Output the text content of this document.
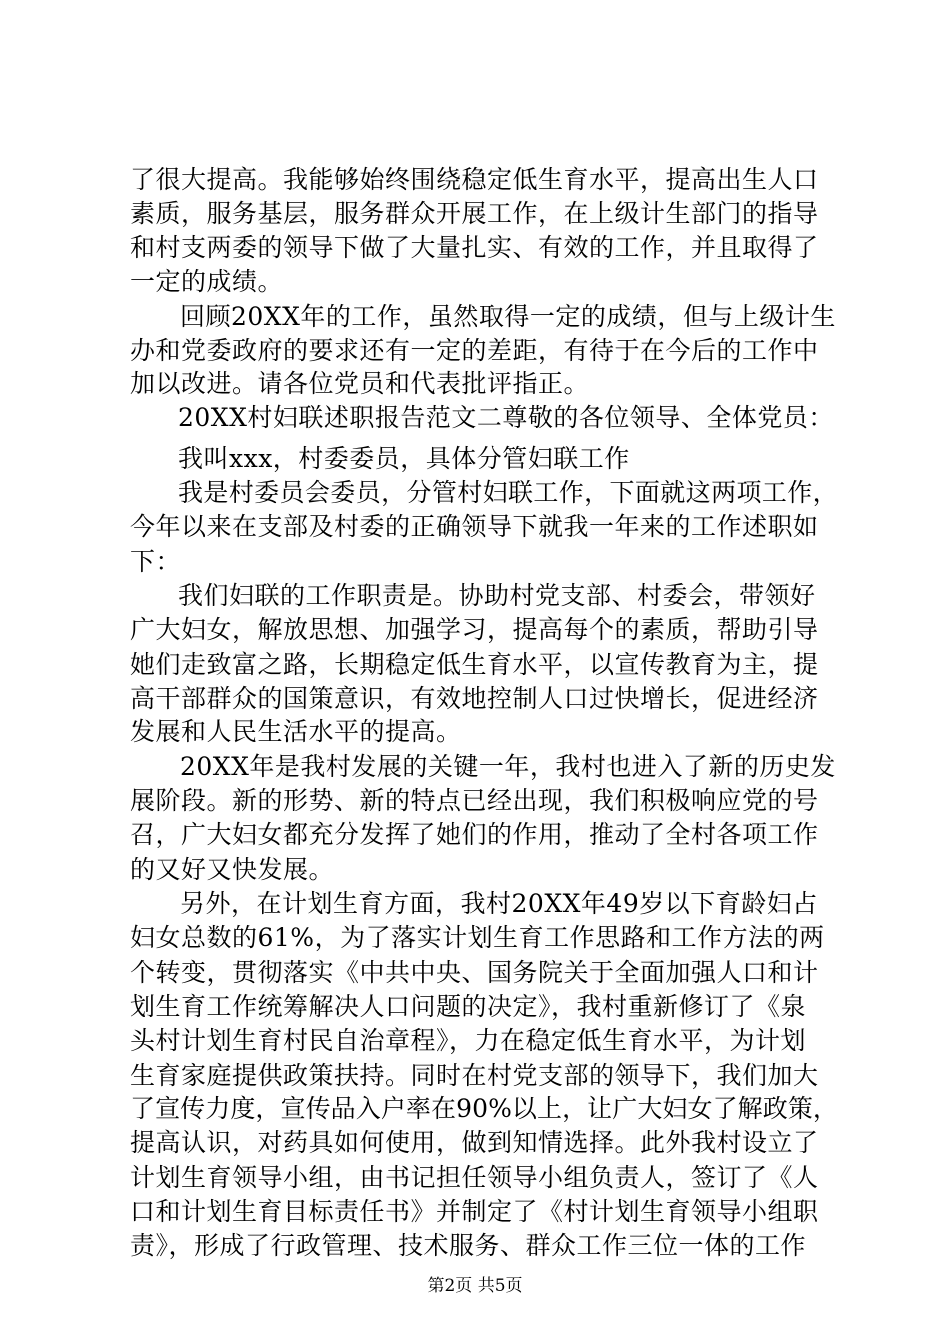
了很大提高。我能够始终围绕稳定低生育水平，提高出生人口
素质，服务基层，服务群众开展工作，在上级计生部门的指导
和村支两委的领导下做了大量扎实、有效的工作，并且取得了
一定的成绩。
回顾20XX年的工作，虽然取得一定的成绩，但与上级计生
办和党委政府的要求还有一定的差距，有待于在今后的工作中
加以改进。请各位党员和代表批评指正。
20XX村妇联述职报告范文二尊敬的各位领导、全体党员：
我叫xxx，村委委员，具体分管妇联工作
我是村委员会委员，分管村妇联工作，下面就这两项工作，
今年以来在支部及村委的正确领导下就我一年来的工作述职如
下：
我们妇联的工作职责是。协助村党支部、村委会，带领好
广大妇女，解放思想、加强学习，提高每个的素质，帮助引导
她们走致富之路，长期稳定低生育水平，以宣传教育为主，提
高干部群众的国策意识，有效地控制人口过快增长，促进经济
发展和人民生活水平的提高。
20XX年是我村发展的关键一年，我村也进入了新的历史发
展阶段。新的形势、新的特点已经出现，我们积极响应党的号
召，广大妇女都充分发挥了她们的作用，推动了全村各项工作
的又好又快发展。
另外，在计划生育方面，我村20XX年49岁以下育龄妇占
妇女总数的61%，为了落实计划生育工作思路和工作方法的两
个转变，贯彻落实《中共中央、国务院关于全面加强人口和计
划生育工作统筹解决人口问题的决定》，我村重新修订了《泉
头村计划生育村民自治章程》，力在稳定低生育水平，为计划
生育家庭提供政策扶持。同时在村党支部的领导下，我们加大
了宣传力度，宣传品入户率在90%以上，让广大妇女了解政策，
提高认识，对药具如何使用，做到知情选择。此外我村设立了
计划生育领导小组，由书记担任领导小组负责人，签订了《人
口和计划生育目标责任书》并制定了《村计划生育领导小组职
责》，形成了行政管理、技术服务、群众工作三位一体的工作
第2页 共5页
